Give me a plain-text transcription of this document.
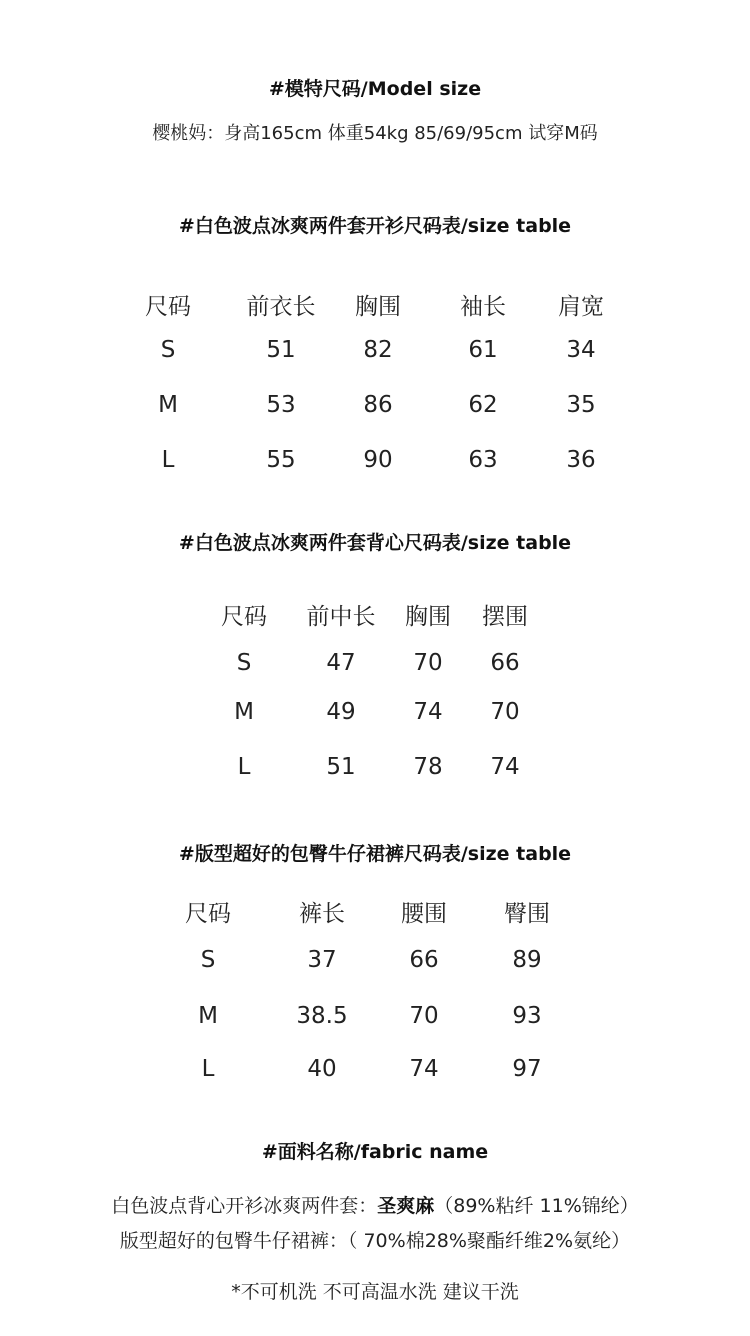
#模特尺码/Model size
樱桃妈：身高165cm 体重54kg 85/69/95cm 试穿M码
#白色波点冰爽两件套开衫尺码表/size table
尺码 前衣长 胸围	袖长 肩宽
S	51	82	61	34
M	53	86	62	35
L	55	90	63	36
#白色波点冰爽两件套背心尺码表/size table
尺码 前中长 胸围 摆围
S	47	70 66
M	49	74 70
L	51	78 74
#版型超好的包臀牛仔裙裤尺码表/size table
尺码	裤长 腰围 臀围
S	37	66	89
M	38.5	70	93
L	40	74	97
#面料名称/fabric name
白色波点背心开衫冰爽两件套：圣爽麻（89%粘纤 11%锦纶）
版型超好的包臀牛仔裙裤：（ 70%棉28%聚酯纤维2%氨纶）
*不可机洗 不可高温水洗 建议干洗
